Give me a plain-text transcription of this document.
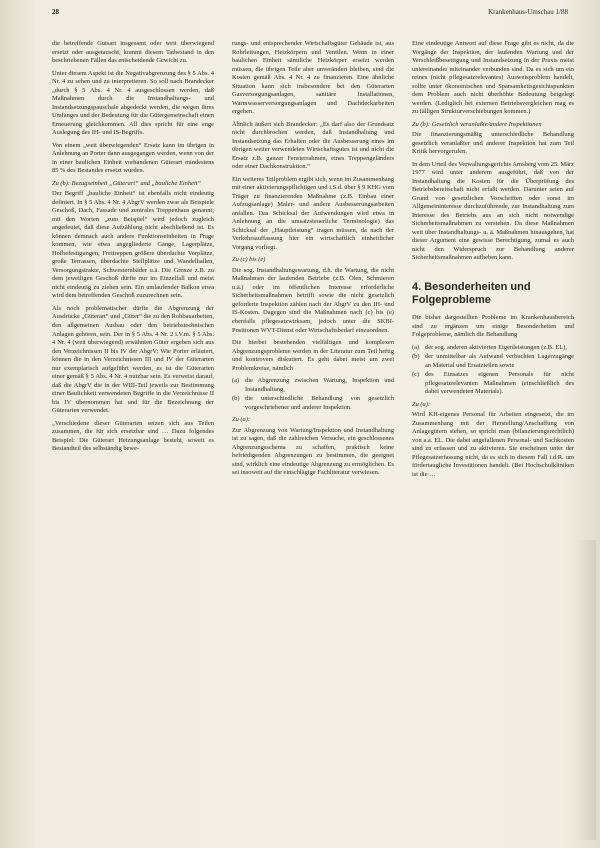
28	Krankenhaus-Umschau 1/88

die betreffende Gutsart insgesamt oder weit überwiegend ersetzt oder ausgetauscht, kommt diesem Tatbestand in den beschriebenen Fällen das entscheidende Gewicht zu.

Unter diesem Aspekt ist die Negativabgrenzung des § 5 Abs. 4 Nr. 4 zu sehen und zu interpretieren. So soll nach Brandecker „durch § 5 Abs. 4 Nr. 4 ausgeschlossen werden, daß Maßnahmen durch die Instandhaltungs- und Instandsetzungspauschale abgedeckt werden, die wegen ihres Umfanges und der Bedeutung für die Gütergemeinschaft einen Erneuerung gleichkommen. All dies spricht für eine enge Auslegung des IH- und IS-Begriffs.

Von einem „weit überwiegenden“ Ersatz kann im übrigen in Anlehnung an Porter dann ausgegangen werden, wenn von der in einer baulichen Einheit vorhandenen Güterart mindestens 85 % des Bestandes ersetzt wurden.

Zu (b): Bezugseinheit „Güterart“ und „bauliche Einheit“

Der Begriff „bauliche Einheit“ ist ebenfalls nicht eindeutig definiert. In § 5 Abs. 4 Nr. 4 AbgrV werden zwar als Beispiele Geschoß, Dach, Fassade und zentrales Treppenhaus genannt; mit den Worten „zum Beispiel“ wird jedoch zugleich angedeutet, daß diese Aufzählung nicht abschließend ist. Es können demnach auch andere Funktionseinheiten in Frage kommen, wie etwa angegliederte Gänge, Lagerplätze, Hofbefestigungen, Freitreppen größere überdachte Vorplätze, große Terrassen, überdachte Stellplätze und Wandelhallen, Versorgungstrakte, Schwesternbäder u.ä. Die Grenze z.B. zu dem jeweiligen Geschoß dürfte nur im Einzelfall und meist nicht eindeutig zu ziehen sein. Ein umlaufender Balkon etwa wird dem betreffenden Geschoß zuzurechnen sein.

Als noch problematischer dürfte die Abgrenzung der Ausdrücke „Güterart“ und „Güter“ die zu den Rohbauarbeiten, den allgemeinen Ausbau oder den betriebstechnischen Anlagen gehören, sein. Der in § 5 Abs. 4 Nr. 2 i.V.m. § 5 Abs. 4 Nr. 4 (weit überwiegend) erwähnten Güter ergeben sich aus den Verzeichnissen II bis IV der AbgrV; Wie Porter erläutert, können die in den Verzeichnissen III und IV der Güterarten nur exemplarisch aufgeführt werden, es ist die Güterarten einer gemäß § 5 Abs. 4 Nr. 4 nutzbar sein. Es verweist darauf, daß die AbgrV die in der WIII-Teil jeweils zur Bestimmung einer Baulichkeit verwendeten Begriffe in die Verzeichnisse II bis IV übernommen hat und für die Bezeichnung der Güterarten verwendet.

„Verschiedene dieser Güterarten setzen sich aus Teilen zusammen, die für sich ersetzbar sind … Dazu folgendes Beispiel: Die Güterart Heizungsanlage besteht, soweit es Bestandteil des selbständig bewe-

rungs- und entsprechender Wirtschaftsgüter Gebäude ist, aus Rohrleitungen, Heizkörpern und Ventilen. Wenn in einer baulichen Einheit sämtliche Heizkörper ersetzt werden müssen, die übrigen Teile aber unverändert bleiben, sind die Kosten gemäß Abs. 4 Nr. 4 zu finanzieren. Eine ähnliche Situation kann sich insbesondere bei den Güterarten Gasversorgungsanlagen, sanitäre Installationen, Warmwasserversorgungsanlagen und Dachdeckarbeiten ergeben.

Ähnlich äußert sich Brandecker: „Es darf also der Grundsatz nicht durchbrochen werden, daß Instandhaltung und Instandsetzung das Erhalten oder die Ausbesserung eines im übrigen weiter verwendeten Wirtschaftsgutes ist und nicht die Ersatz z.B. ganzer Fensterrahmen, eines Treppengeländers oder einer Dachkonstruktion.“

Ein weiteres Teilproblem ergibt sich, wenn im Zusammenhang mit einer aktivierungspflichtigen und i.S.d. über § 9 KHG vom Träger zu finanzierenden Maßnahme (z.B. Einbau einer Aufzugsanlage) Maler- und andere Ausbesserungsarbeiten anfallen. Das Schicksal der Aufwendungen wird etwa in Anlehnung an die umsatzsteuerliche Terminologie) das Schicksal der „Hauptleistung“ tragen müssen, da nach der Verkehrsauffassung hier ein wirtschaftlich einheitlicher Vorgang vorliegt.

Zu (c) bis (e)

Die sog. Instandhaltungswartung, d.h. die Wartung, die nicht Maßnahmen der laufenden Betriebe (z.B. Ölen, Schmieren u.ä.) oder im öffentlichen Interesse erforderliche Sicherheitsmaßnahmen betrifft sowie die nicht gesetzlich geforderte Inspektion zählen nach der AbgrV zu den IH- und IS-Kosten. Dagegen sind die Maßnahmen nach (c) bis (e) ebenfalls pflegesatzwirksam, jedoch unter die SKBI-Positionen WVT-Dienst oder Wirtschaftsbedarf einzuordnen.

Die hierbei bestehenden vielfältigen und komplexen Abgrenzungsprobleme werden in der Literatur zum Teil heftig und kontrovers diskutiert. Es geht dabei meist um zwei Problemkreise, nämlich

(a) die Abgrenzung zwischen Wartung, Inspektion und Instandhaltung,
(b) die unterschiedliche Behandlung von gesetzlich vorgeschriebener und anderer Inspektion.
Zu (a):

Zur Abgrenzung von Wartung/Inspektion und Instandhaltung ist zu sagen, daß die zahlreichen Versuche, ein geschlossenes Abgrenzungsschema zu schaffen, praktisch keine befriedigenden Abgrenzungen zu bestimmen, die geeignet sind, wirklich eine eindeutige Abgrenzung zu ermöglichen. Es sei insoweit auf die einschlägige Fachliteratur verwiesen.

Eine eindeutige Antwort auf diese Frage gibt es nicht, da die Vorgänge der Inspektion, der laufenden Wartung und der Verschleißbeseitigung und Instandsetzung in der Praxis meist untereinander miteinander verbunden sind. Da es sich um ein reines (nicht pflegesatzrelevantes) Ausweisproblem handelt, sollte unter ökonomischen und Sparsamkeitsgesichtspunkten dem Problem auch nicht überhöhte Bedeutung beigelegt werden. (Lediglich bei externen Betriebsvergleichen mag es zu fälligen Strukturverschiebungen kommen.)

Zu (b): Gesetzlich veranlaßte/andere Inspektionen

Die finanzierungsmäßig unterschiedliche Behandlung gesetzlich veranlaßter und anderer Inspektion hat zum Teil Kritik hervorgerufen.

In dem Urteil des Verwaltungsgerichts Arnsberg vom 25. März 1977 wird unter anderem ausgeführt, daß von der Instandhaltung die Kosten für die Überprüfung des Betriebsbereitschaft nicht erfaßt werden. Darunter seien auf Grund von gesetzlichen Vorschriften oder sonst im Allgemeininteresse durchzuführende, zur Instandhaltung zum Interesse des Betriebs aus an sich nicht notwendige Sicherheitsmaßnahmen zu verstehen. Da diese Maßnahmen weit über Instandhaltungs- u. ä. Maßnahmen hinausgehen, hat dieser Argument eine gewisse Berechtigung, zumal es auch nicht den Widerspruch zur Behandlung anderer Sicherheitsmaßnahmen aufheben kann.

4. Besonderheiten und Folgeprobleme

Die bisher dargestellten Probleme im Krankenhausbereich sind zu ergänzen um einige Besonderheiten und Folgeprobleme, nämlich die Behandlung

(a) der sog. anderen aktivierten Eigenleistungen (z.B. EL),
(b) der unmittelbar als Aufwand verbuchten Lagerzugänge an Material und Ersatzteilen sowie
(c) des Einsatzes eigenen Personals für nicht pflegesatzrelevanten Maßnahmen (einschließlich des dabei verwendeten Materials).
Zu (a):

Wird KH-eigenes Personal für Arbeiten eingesetzt, die im Zusammenhang mit der Herstellung/Anschaffung von Anlagegütern stehen, so spricht man (bilanzierungsrechtlich) von a.a. EL. Die dabei angefallenen Personal- und Sachkosten sind zu erfassen und zu aktivieren. Sie erscheinen unter der Pflegesatzerfassung nicht, da es sich in diesem Fall i.d.R. um fördertaugliche Investitionen handelt. (Bei Hochschulkliniken ist die …
